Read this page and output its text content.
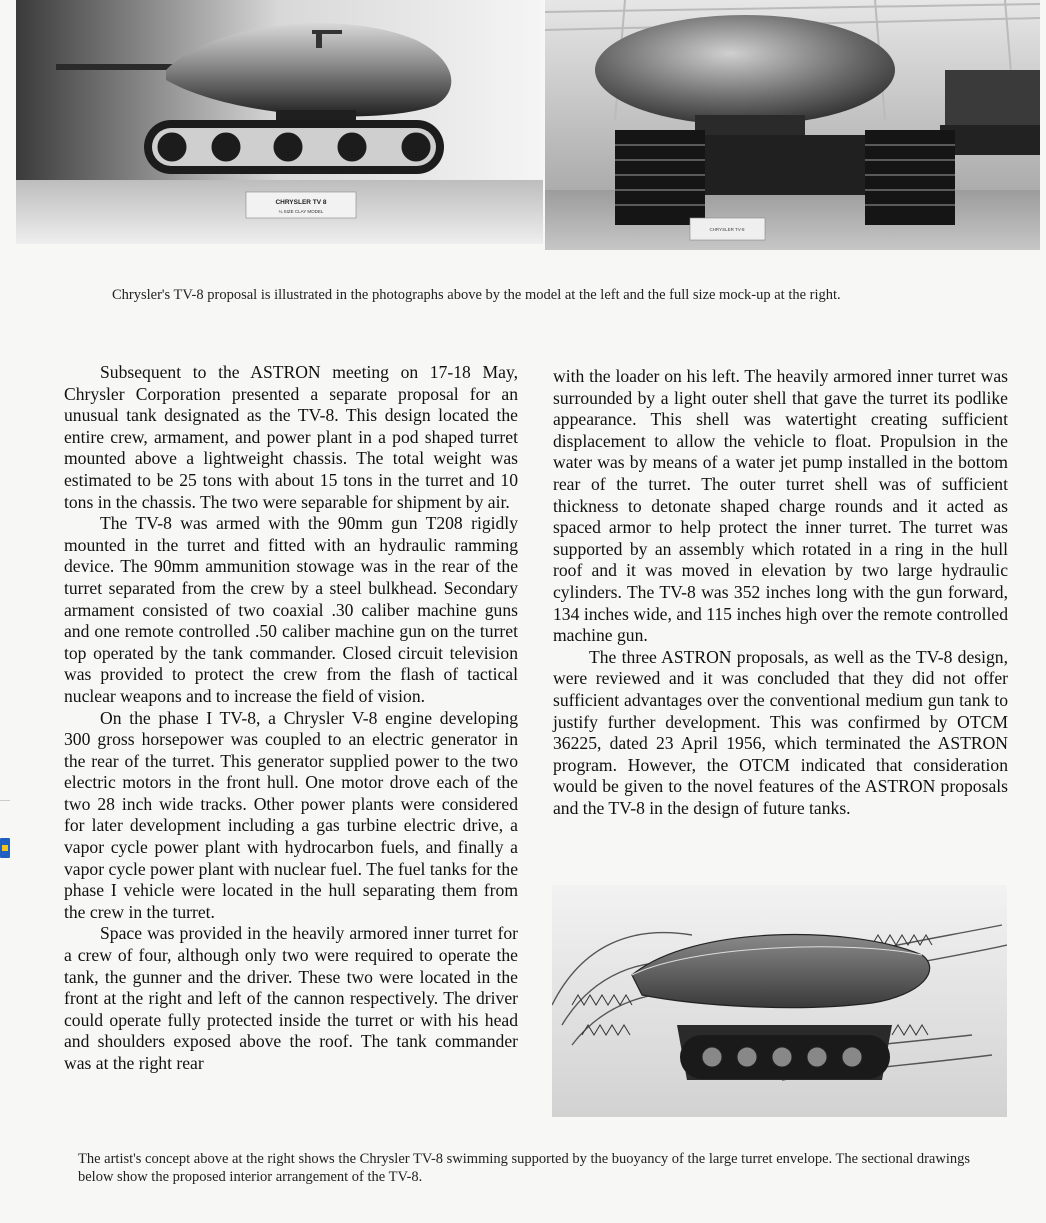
CHRYSLER TV 8
¼ SIZE CLAY MODEL
CHRYSLER TV-8
Chrysler's TV-8 proposal is illustrated in the photographs above by the model at the left and the full size mock-up at the right.

Subsequent to the ASTRON meeting on 17-18 May, Chrysler Corporation presented a separate proposal for an unusual tank designated as the TV-8. This design located the entire crew, armament, and power plant in a pod shaped turret mounted above a lightweight chassis. The total weight was estimated to be 25 tons with about 15 tons in the turret and 10 tons in the chassis. The two were separable for shipment by air.

The TV-8 was armed with the 90mm gun T208 rigidly mounted in the turret and fitted with an hydraulic ramming device. The 90mm ammunition stowage was in the rear of the turret separated from the crew by a steel bulkhead. Secondary armament consisted of two coaxial .30 caliber machine guns and one remote controlled .50 caliber machine gun on the turret top operated by the tank commander. Closed circuit television was provided to protect the crew from the flash of tactical nuclear weapons and to increase the field of vision.

On the phase I TV-8, a Chrysler V-8 engine developing 300 gross horsepower was coupled to an electric generator in the rear of the turret. This generator supplied power to the two electric motors in the front hull. One motor drove each of the two 28 inch wide tracks. Other power plants were considered for later development including a gas turbine electric drive, a vapor cycle power plant with hydrocarbon fuels, and finally a vapor cycle power plant with nuclear fuel. The fuel tanks for the phase I vehicle were located in the hull separating them from the crew in the turret.

Space was provided in the heavily armored inner turret for a crew of four, although only two were required to operate the tank, the gunner and the driver. These two were located in the front at the right and left of the cannon respectively. The driver could operate fully protected inside the turret or with his head and shoulders exposed above the roof. The tank commander was at the right rear

with the loader on his left. The heavily armored inner turret was surrounded by a light outer shell that gave the turret its podlike appearance. This shell was watertight creating sufficient displacement to allow the vehicle to float. Propulsion in the water was by means of a water jet pump installed in the bottom rear of the turret. The outer turret shell was of sufficient thickness to detonate shaped charge rounds and it acted as spaced armor to help protect the inner turret. The turret was supported by an assembly which rotated in a ring in the hull roof and it was moved in elevation by two large hydraulic cylinders. The TV-8 was 352 inches long with the gun forward, 134 inches wide, and 115 inches high over the remote controlled machine gun.

The three ASTRON proposals, as well as the TV-8 design, were reviewed and it was concluded that they did not offer sufficient advantages over the conventional medium gun tank to justify further development. This was confirmed by OTCM 36225, dated 23 April 1956, which terminated the ASTRON program. However, the OTCM indicated that consideration would be given to the novel features of the ASTRON proposals and the TV-8 in the design of future tanks.

The artist's concept above at the right shows the Chrysler TV-8 swimming supported by the buoyancy of the large turret envelope. The sectional drawings below show the proposed interior arrangement of the TV-8.
